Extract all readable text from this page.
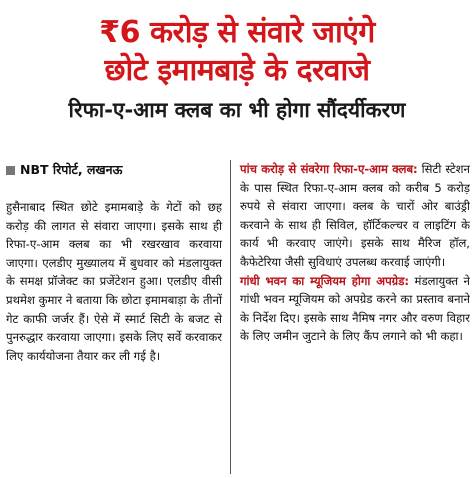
₹6 करोड़ से संवारे जाएंगे
छोटे इमामबाड़े के दरवाजे
रिफा-ए-आम क्लब का भी होगा सौंदर्यीकरण
NBT रिपोर्ट, लखनऊ

हुसैनाबाद स्थित छोटे इमामबाड़े के गेटों को छह करोड़ की लागत से संवारा जाएगा। इसके साथ ही रिफा-ए-आम क्लब का भी रखरखाव करवाया जाएगा। एलडीए मुख्यालय में बुधवार को मंडलायुक्त के समक्ष प्रॉजेक्ट का प्रजेंटेशन हुआ। एलडीए वीसी प्रथमेश कुमार ने बताया कि छोटा इमामबाड़ा के तीनों गेट काफी जर्जर हैं। ऐसे में स्मार्ट सिटी के बजट से पुनरुद्धार करवाया जाएगा। इसके लिए सर्वे करवाकर लिए कार्ययोजना तैयार कर ली गई है।

पांच करोड़ से संवरेगा रिफा-ए-आम क्लब: सिटी स्टेशन के पास स्थित रिफा-ए-आम क्लब को करीब 5 करोड़ रुपये से संवारा जाएगा। क्लब के चारों ओर बाउंड्री करवाने के साथ ही सिविल, हॉर्टिकल्चर व लाइटिंग के कार्य भी करवाए जाएंगे। इसके साथ मैरिज हॉल, कैफेटेरिया जैसी सुविधाएं उपलब्ध करवाई जाएंगी।

गांधी भवन का म्यूजियम होगा अपग्रेड: मंडलायुक्त ने गांधी भवन म्यूजियम को अपग्रेड करने का प्रस्ताव बनाने के निर्देश दिए। इसके साथ नैमिष नगर और वरुण विहार के लिए जमीन जुटाने के लिए कैंप लगाने को भी कहा।
